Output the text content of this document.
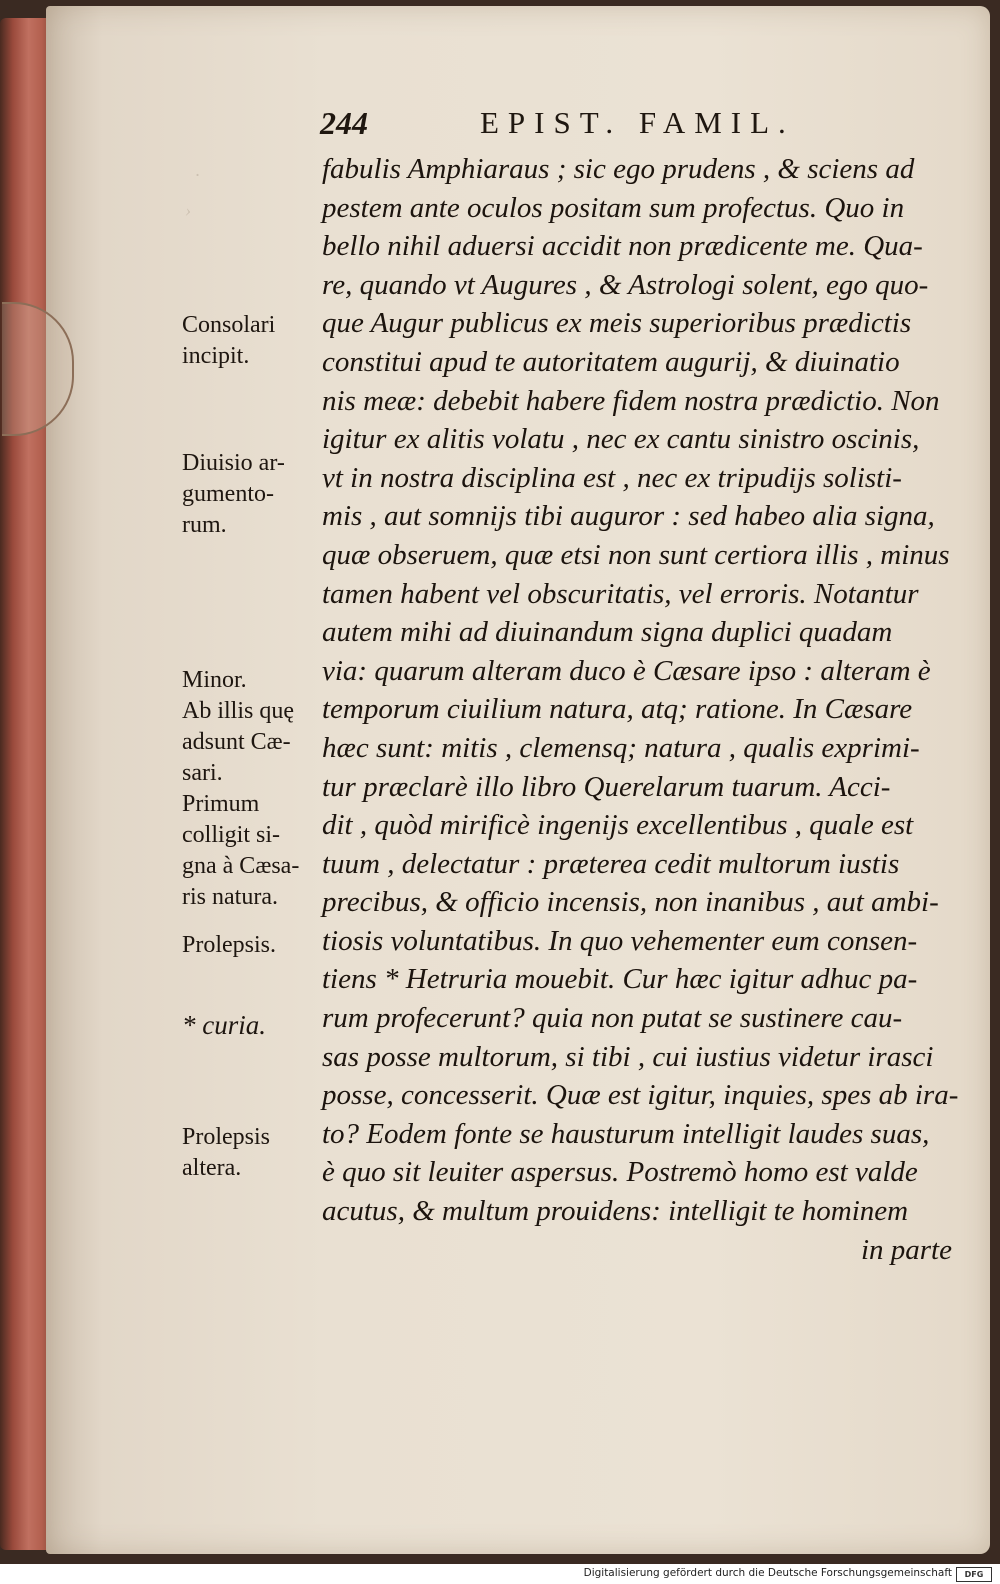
·
›
244	EPIST. FAMIL.
fabulis Amphiaraus ; sic ego prudens , & sciens ad
pestem ante oculos positam sum profectus. Quo in
bello nihil aduersi accidit non prædicente me. Qua-
re, quando vt Augures , & Astrologi solent, ego quo-
que Augur publicus ex meis superioribus prædictis
constitui apud te autoritatem augurij, & diuinatio
nis meæ: debebit habere fidem nostra prædictio. Non
igitur ex alitis volatu , nec ex cantu sinistro oscinis,
vt in nostra disciplina est , nec ex tripudijs solisti-
mis , aut somnijs tibi auguror : sed habeo alia signa,
quæ obseruem, quæ etsi non sunt certiora illis , minus
tamen habent vel obscuritatis, vel erroris. Notantur
autem mihi ad diuinandum signa duplici quadam
via: quarum alteram duco è Cæsare ipso : alteram è
temporum ciuilium natura, atq; ratione. In Cæsare
hæc sunt: mitis , clemensq; natura , qualis exprimi-
tur præclarè illo libro Querelarum tuarum. Acci-
dit , quòd mirificè ingenijs excellentibus , quale est
tuum , delectatur : præterea cedit multorum iustis
precibus, & officio incensis, non inanibus , aut ambi-
tiosis voluntatibus. In quo vehementer eum consen-
tiens * Hetruria mouebit. Cur hæc igitur adhuc pa-
rum profecerunt? quia non putat se sustinere cau-
sas posse multorum, si tibi , cui iustius videtur irasci
posse, concesserit. Quæ est igitur, inquies, spes ab ira-
to? Eodem fonte se hausturum intelligit laudes suas,
è quo sit leuiter aspersus. Postremò homo est valde
acutus, & multum prouidens: intelligit te hominem
in parte
Consolari
incipit.
Diuisio ar-
gumento-
rum.
Minor.
Ab illis quę
adsunt Cæ-
sari.
Primum
colligit si-
gna à Cæsa-
ris natura.
Prolepsis.
* curia.
Prolepsis
altera.
Digitalisierung gefördert durch die Deutsche Forschungsgemeinschaft	DFG
